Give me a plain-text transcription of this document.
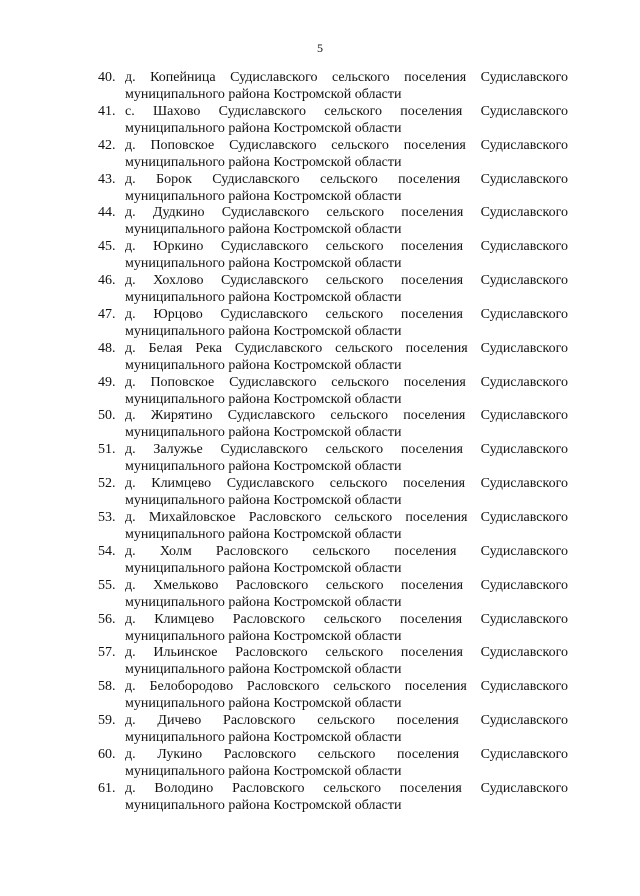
5
40. д. Копейница Судиславского сельского поселения Судиславского
муниципального района Костромской области
41. с. Шахово Судиславского сельского поселения Судиславского
муниципального района Костромской области
42. д. Поповское Судиславского сельского поселения Судиславского
муниципального района Костромской области
43. д. Борок Судиславского сельского поселения Судиславского
муниципального района Костромской области
44. д. Дудкино Судиславского сельского поселения Судиславского
муниципального района Костромской области
45. д. Юркино Судиславского сельского поселения Судиславского
муниципального района Костромской области
46. д. Хохлово Судиславского сельского поселения Судиславского
муниципального района Костромской области
47. д. Юрцово Судиславского сельского поселения Судиславского
муниципального района Костромской области
48. д. Белая Река Судиславского сельского поселения Судиславского
муниципального района Костромской области
49. д. Поповское Судиславского сельского поселения Судиславского
муниципального района Костромской области
50. д. Жирятино Судиславского сельского поселения Судиславского
муниципального района Костромской области
51. д. Залужье Судиславского сельского поселения Судиславского
муниципального района Костромской области
52. д. Климцево Судиславского сельского поселения Судиславского
муниципального района Костромской области
53. д. Михайловское Расловского сельского поселения Судиславского
муниципального района Костромской области
54. д. Холм Расловского сельского поселения Судиславского
муниципального района Костромской области
55. д. Хмельково Расловского сельского поселения Судиславского
муниципального района Костромской области
56. д. Климцево Расловского сельского поселения Судиславского
муниципального района Костромской области
57. д. Ильинское Расловского сельского поселения Судиславского
муниципального района Костромской области
58. д. Белобородово Расловского сельского поселения Судиславского
муниципального района Костромской области
59. д. Дичево Расловского сельского поселения Судиславского
муниципального района Костромской области
60. д. Лукино Расловского сельского поселения Судиславского
муниципального района Костромской области
61. д. Володино Расловского сельского поселения Судиславского
муниципального района Костромской области
